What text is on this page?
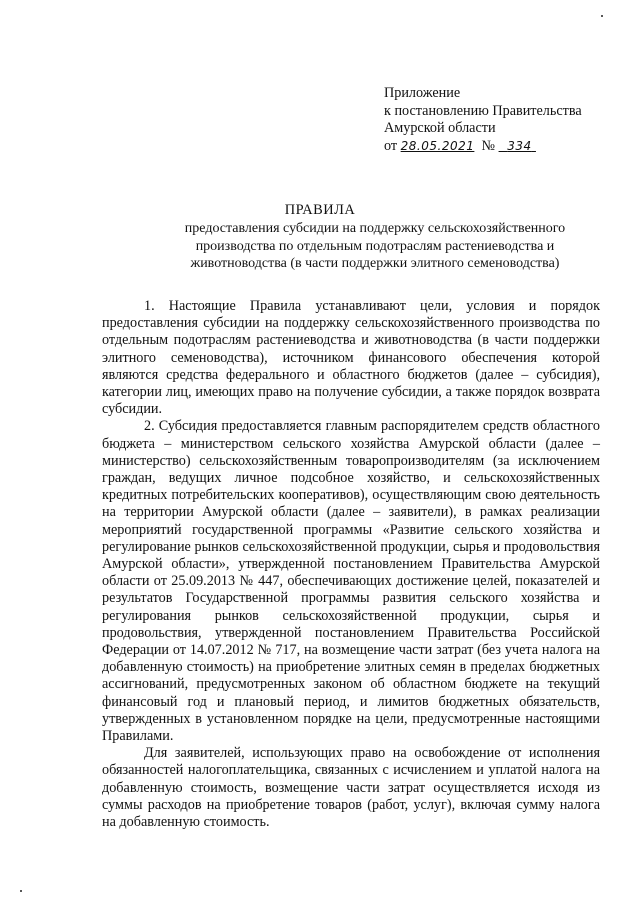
Приложение
к постановлению Правительства
Амурской области
от 28.05.2021 № 334
ПРАВИЛА
предоставления субсидии на поддержку сельскохозяйственного производства по отдельным подотраслям растениеводства и животноводства (в части поддержки элитного семеноводства)

1. Настоящие Правила устанавливают цели, условия и порядок предоставления субсидии на поддержку сельскохозяйственного производства по отдельным подотраслям растениеводства и животноводства (в части поддержки элитного семеноводства), источником финансового обеспечения которой являются средства федерального и областного бюджетов (далее – субсидия), категории лиц, имеющих право на получение субсидии, а также порядок возврата субсидии.

2. Субсидия предоставляется главным распорядителем средств областного бюджета – министерством сельского хозяйства Амурской области (далее – министерство) сельскохозяйственным товаропроизводителям (за исключением граждан, ведущих личное подсобное хозяйство, и сельскохозяйственных кредитных потребительских кооперативов), осуществляющим свою деятельность на территории Амурской области (далее – заявители), в рамках реализации мероприятий государственной программы «Развитие сельского хозяйства и регулирование рынков сельскохозяйственной продукции, сырья и продовольствия Амурской области», утвержденной постановлением Правительства Амурской области от 25.09.2013 № 447, обеспечивающих достижение целей, показателей и результатов Государственной программы развития сельского хозяйства и регулирования рынков сельскохозяйственной продукции, сырья и продовольствия, утвержденной постановлением Правительства Российской Федерации от 14.07.2012 № 717, на возмещение части затрат (без учета налога на добавленную стоимость) на приобретение элитных семян в пределах бюджетных ассигнований, предусмотренных законом об областном бюджете на текущий финансовый год и плановый период, и лимитов бюджетных обязательств, утвержденных в установленном порядке на цели, предусмотренные настоящими Правилами.

Для заявителей, использующих право на освобождение от исполнения обязанностей налогоплательщика, связанных с исчислением и уплатой налога на добавленную стоимость, возмещение части затрат осуществляется исходя из суммы расходов на приобретение товаров (работ, услуг), включая сумму налога на добавленную стоимость.
